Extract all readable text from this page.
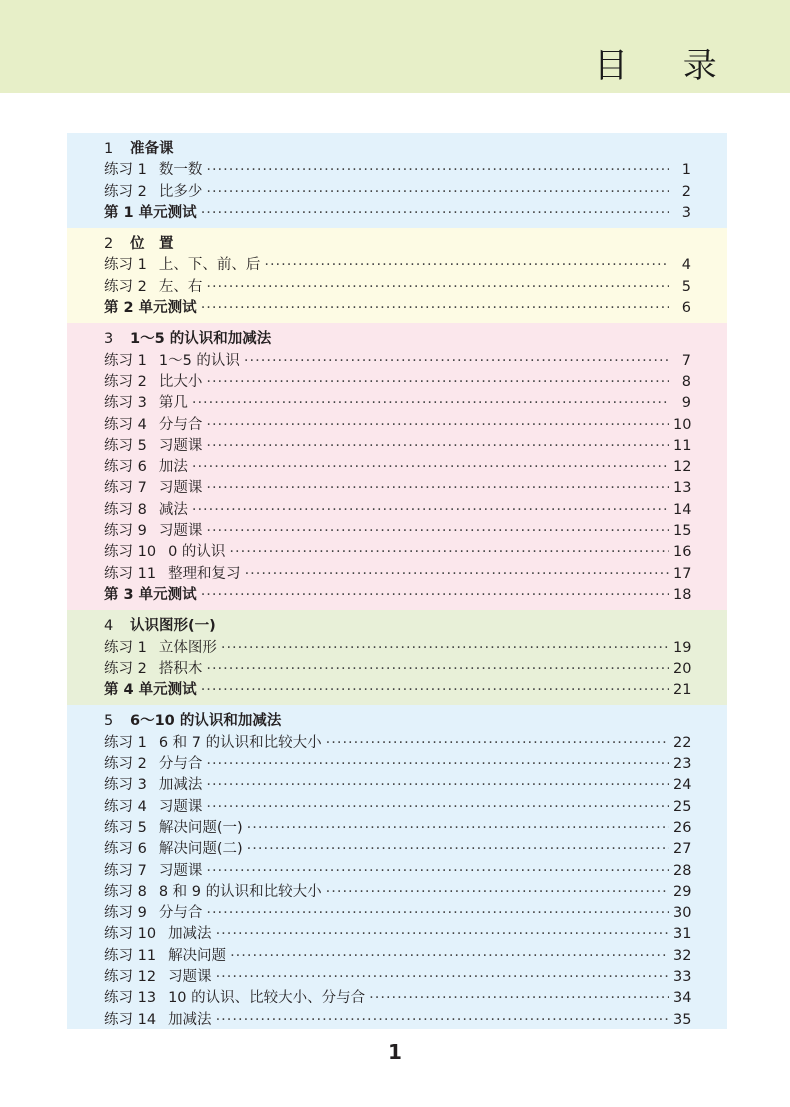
目 录
1	准备课
练习 1 数一数 ·····	1
练习 2 比多少 ·····	2
第 1 单元测试 ·····	3
2	位　置
练习 1 上、下、前、后 ·····	4
练习 2 左、右 ·····	5
第 2 单元测试 ·····	6
3	1～5 的认识和加减法
练习 1 1～5 的认识 ·····	7
练习 2 比大小 ·····	8
练习 3 第几 ·····	9
练习 4 分与合 ·····	10
练习 5 习题课 ·····	11
练习 6 加法 ·····	12
练习 7 习题课 ·····	13
练习 8 减法 ·····	14
练习 9 习题课 ·····	15
练习 10 0 的认识 ·····	16
练习 11 整理和复习 ·····	17
第 3 单元测试 ·····	18
4	认识图形(一)
练习 1 立体图形 ·····	19
练习 2 搭积木 ·····	20
第 4 单元测试 ·····	21
5	6～10 的认识和加减法
练习 1 6 和 7 的认识和比较大小 ·····	22
练习 2 分与合 ·····	23
练习 3 加减法 ·····	24
练习 4 习题课 ·····	25
练习 5 解决问题(一) ·····	26
练习 6 解决问题(二) ·····	27
练习 7 习题课 ·····	28
练习 8 8 和 9 的认识和比较大小 ·····	29
练习 9 分与合 ·····	30
练习 10 加减法 ·····	31
练习 11 解决问题 ·····	32
练习 12 习题课 ·····	33
练习 13 10 的认识、比较大小、分与合 ·····	34
练习 14 加减法 ·····	35
1
